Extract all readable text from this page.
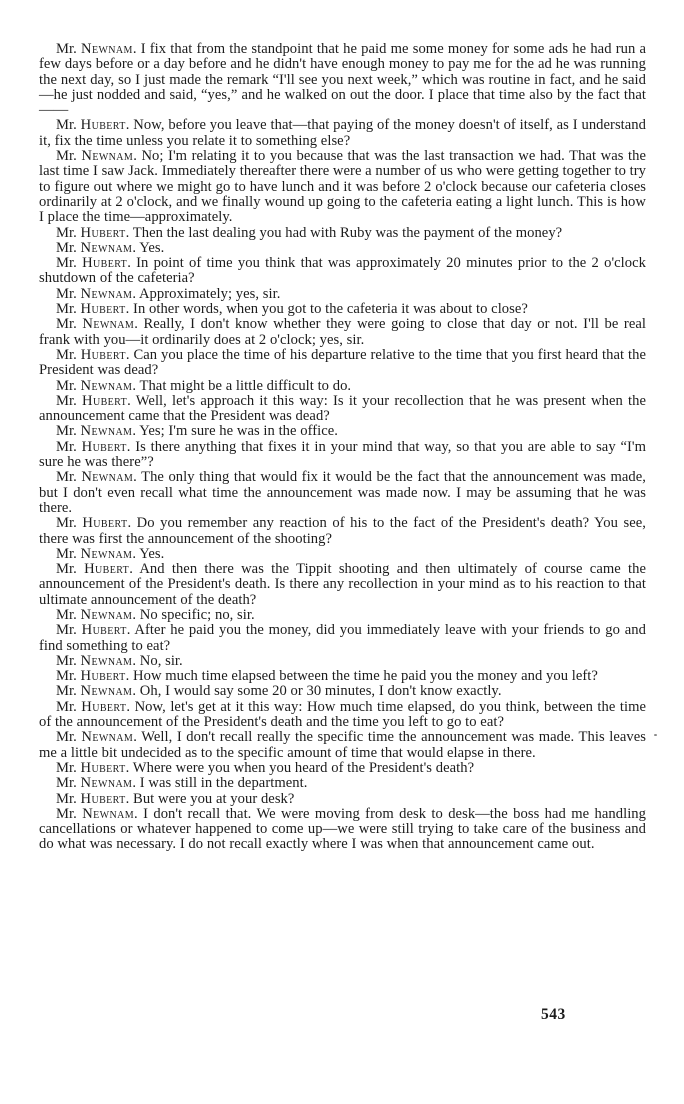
Mr. Newnam. I fix that from the standpoint that he paid me some money for some ads he had run a few days before or a day before and he didn't have enough money to pay me for the ad he was running the next day, so I just made the remark “I'll see you next week,” which was routine in fact, and he said—he just nodded and said, “yes,” and he walked on out the door. I place that time also by the fact that——

Mr. Hubert. Now, before you leave that—that paying of the money doesn't of itself, as I understand it, fix the time unless you relate it to something else?

Mr. Newnam. No; I'm relating it to you because that was the last transaction we had. That was the last time I saw Jack. Immediately thereafter there were a number of us who were getting together to try to figure out where we might go to have lunch and it was before 2 o'clock because our cafeteria closes ordinarily at 2 o'clock, and we finally wound up going to the cafeteria eating a light lunch. This is how I place the time—approximately.

Mr. Hubert. Then the last dealing you had with Ruby was the payment of the money?

Mr. Newnam. Yes.

Mr. Hubert. In point of time you think that was approximately 20 minutes prior to the 2 o'clock shutdown of the cafeteria?

Mr. Newnam. Approximately; yes, sir.

Mr. Hubert. In other words, when you got to the cafeteria it was about to close?

Mr. Newnam. Really, I don't know whether they were going to close that day or not. I'll be real frank with you—it ordinarily does at 2 o'clock; yes, sir.

Mr. Hubert. Can you place the time of his departure relative to the time that you first heard that the President was dead?

Mr. Newnam. That might be a little difficult to do.

Mr. Hubert. Well, let's approach it this way: Is it your recollection that he was present when the announcement came that the President was dead?

Mr. Newnam. Yes; I'm sure he was in the office.

Mr. Hubert. Is there anything that fixes it in your mind that way, so that you are able to say “I'm sure he was there”?

Mr. Newnam. The only thing that would fix it would be the fact that the announcement was made, but I don't even recall what time the announcement was made now. I may be assuming that he was there.

Mr. Hubert. Do you remember any reaction of his to the fact of the President's death? You see, there was first the announcement of the shooting?

Mr. Newnam. Yes.

Mr. Hubert. And then there was the Tippit shooting and then ultimately of course came the announcement of the President's death. Is there any recollection in your mind as to his reaction to that ultimate announcement of the death?

Mr. Newnam. No specific; no, sir.

Mr. Hubert. After he paid you the money, did you immediately leave with your friends to go and find something to eat?

Mr. Newnam. No, sir.

Mr. Hubert. How much time elapsed between the time he paid you the money and you left?

Mr. Newnam. Oh, I would say some 20 or 30 minutes, I don't know exactly.

Mr. Hubert. Now, let's get at it this way: How much time elapsed, do you think, between the time of the announcement of the President's death and the time you left to go to eat?

Mr. Newnam. Well, I don't recall really the specific time the announcement was made. This leaves me a little bit undecided as to the specific amount of time that would elapse in there.

Mr. Hubert. Where were you when you heard of the President's death?

Mr. Newnam. I was still in the department.

Mr. Hubert. But were you at your desk?

Mr. Newnam. I don't recall that. We were moving from desk to desk—the boss had me handling cancellations or whatever happened to come up—we were still trying to take care of the business and do what was necessary. I do not recall exactly where I was when that announcement came out.

543
